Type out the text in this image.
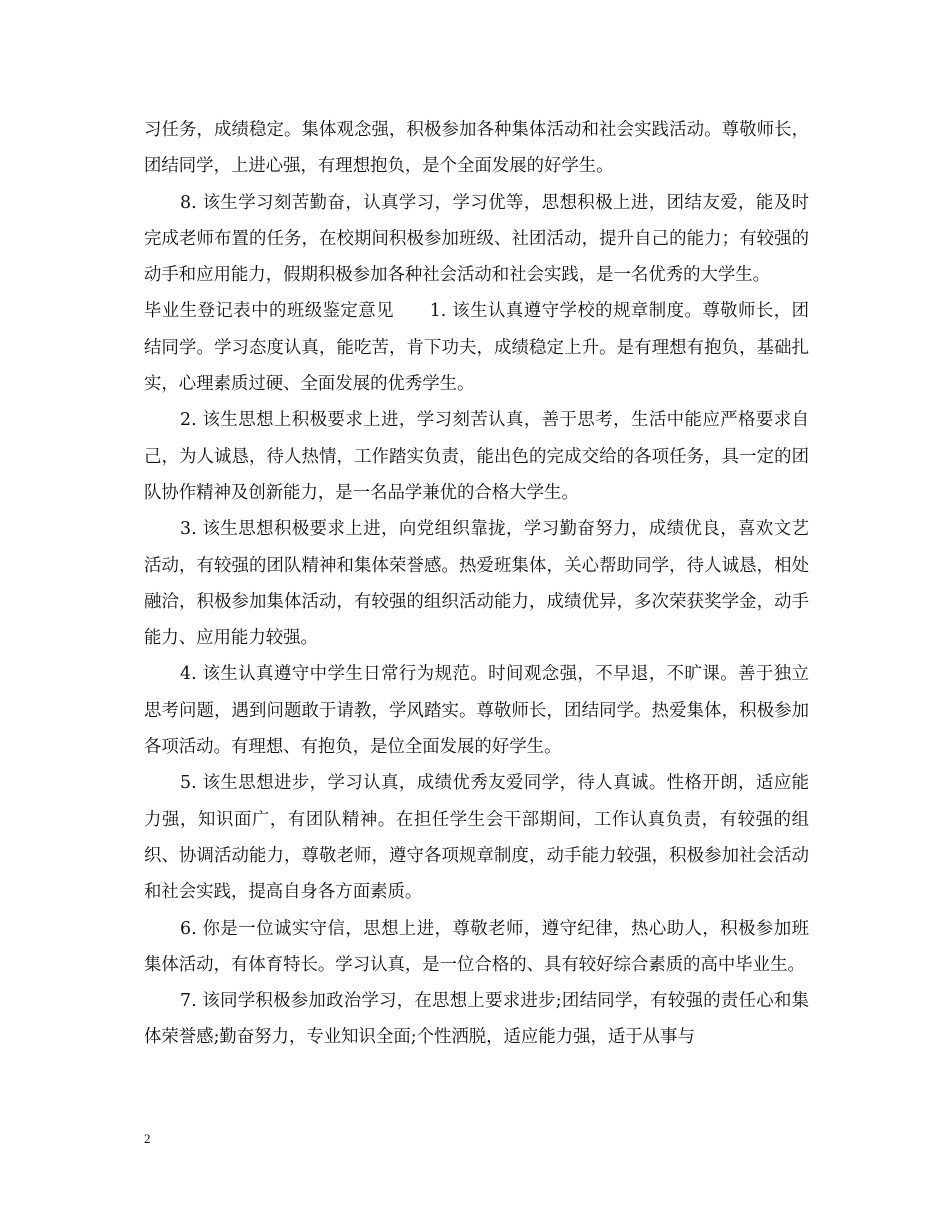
习任务，成绩稳定。集体观念强，积极参加各种集体活动和社会实践活动。尊敬师长，团结同学，上进心强，有理想抱负，是个全面发展的好学生。

8. 该生学习刻苦勤奋，认真学习，学习优等，思想积极上进，团结友爱，能及时完成老师布置的任务，在校期间积极参加班级、社团活动，提升自己的能力；有较强的动手和应用能力，假期积极参加各种社会活动和社会实践，是一名优秀的大学生。

毕业生登记表中的班级鉴定意见　　1. 该生认真遵守学校的规章制度。尊敬师长，团结同学。学习态度认真，能吃苦，肯下功夫，成绩稳定上升。是有理想有抱负，基础扎实，心理素质过硬、全面发展的优秀学生。

2. 该生思想上积极要求上进，学习刻苦认真，善于思考，生活中能应严格要求自己，为人诚恳，待人热情，工作踏实负责，能出色的完成交给的各项任务，具一定的团队协作精神及创新能力，是一名品学兼优的合格大学生。

3. 该生思想积极要求上进，向党组织靠拢，学习勤奋努力，成绩优良，喜欢文艺活动，有较强的团队精神和集体荣誉感。热爱班集体，关心帮助同学，待人诚恳，相处融洽，积极参加集体活动，有较强的组织活动能力，成绩优异，多次荣获奖学金，动手能力、应用能力较强。

4. 该生认真遵守中学生日常行为规范。时间观念强，不早退，不旷课。善于独立思考问题，遇到问题敢于请教，学风踏实。尊敬师长，团结同学。热爱集体，积极参加各项活动。有理想、有抱负，是位全面发展的好学生。

5. 该生思想进步，学习认真，成绩优秀友爱同学，待人真诚。性格开朗，适应能力强，知识面广，有团队精神。在担任学生会干部期间，工作认真负责，有较强的组织、协调活动能力，尊敬老师，遵守各项规章制度，动手能力较强，积极参加社会活动和社会实践，提高自身各方面素质。

6. 你是一位诚实守信，思想上进，尊敬老师，遵守纪律，热心助人，积极参加班集体活动，有体育特长。学习认真，是一位合格的、具有较好综合素质的高中毕业生。

7. 该同学积极参加政治学习，在思想上要求进步;团结同学，有较强的责任心和集体荣誉感;勤奋努力，专业知识全面;个性洒脱，适应能力强，适于从事与

2
